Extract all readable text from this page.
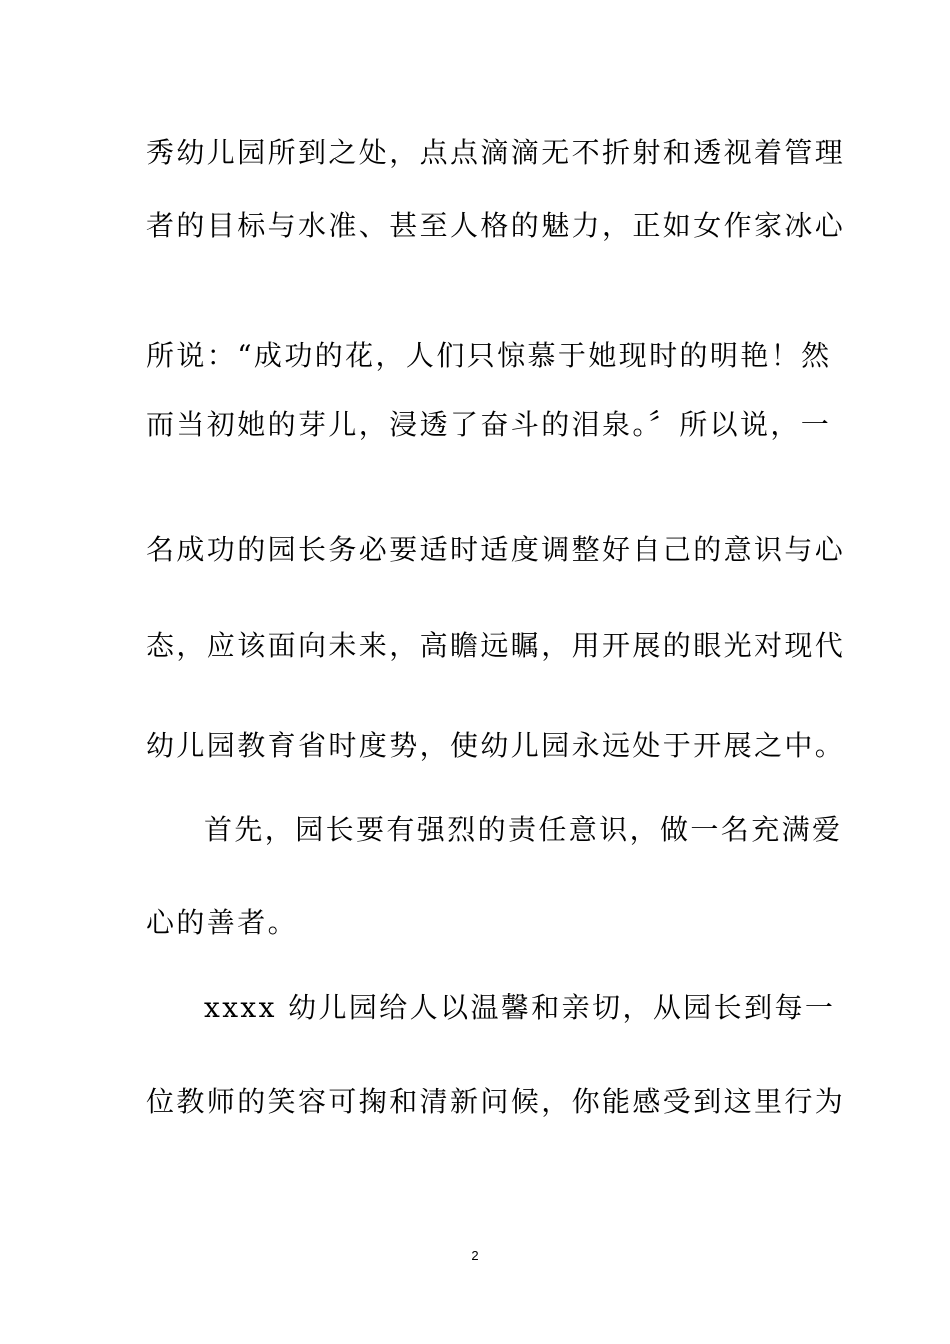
秀幼儿园所到之处，点点滴滴无不折射和透视着管理
者的目标与水准、甚至人格的魅力，正如女作家冰心
所说：“成功的花，人们只惊慕于她现时的明艳！然
而当初她的芽儿，浸透了奋斗的泪泉。〞所以说，一
名成功的园长务必要适时适度调整好自己的意识与心
态，应该面向未来，高瞻远瞩，用开展的眼光对现代
幼儿园教育省时度势，使幼儿园永远处于开展之中。
首先，园长要有强烈的责任意识，做一名充满爱
心的善者。
xxxx 幼儿园给人以温馨和亲切，从园长到每一
位教师的笑容可掬和清新问候，你能感受到这里行为
2
